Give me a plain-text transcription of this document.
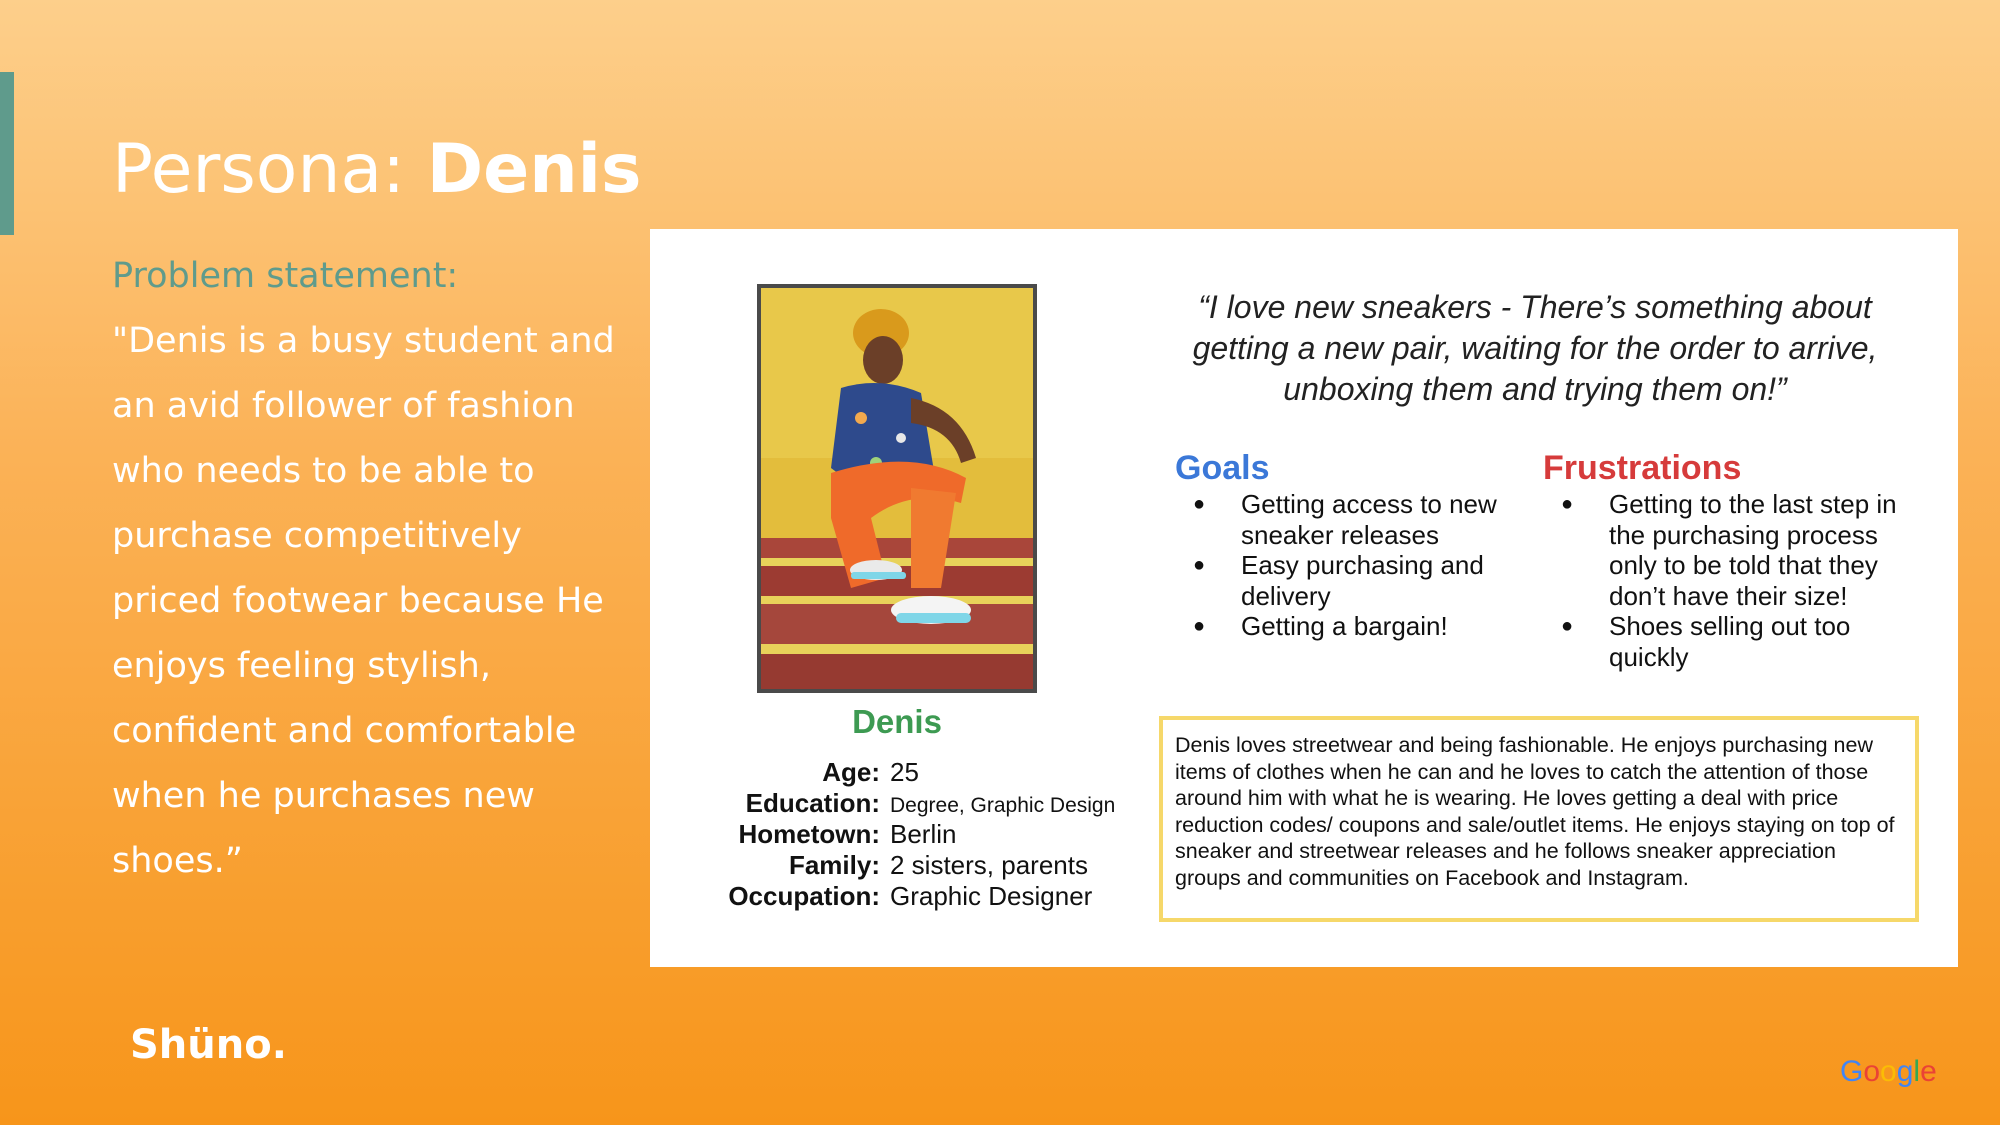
Persona: Denis
Problem statement:
"Denis is a busy student and an avid follower of fashion who needs to be able to purchase competitively priced footwear because He enjoys feeling stylish, confident and comfortable when he purchases new shoes.”
Denis
Age: 25
Education: Degree, Graphic Design
Hometown: Berlin
Family: 2 sisters, parents
Occupation: Graphic Designer
“I love new sneakers - There’s something about getting a new pair, waiting for the order to arrive, unboxing them and trying them on!”
Goals
● Getting access to new sneaker releases
● Easy purchasing and delivery
● Getting a bargain!
Frustrations
● Getting to the last step in the purchasing process only to be told that they don’t have their size!
● Shoes selling out too quickly
Denis loves streetwear and being fashionable. He enjoys purchasing new items of clothes when he can and he loves to catch the attention of those around him with what he is wearing. He loves getting a deal with price reduction codes/ coupons and sale/outlet items. He enjoys staying on top of sneaker and streetwear releases and he follows sneaker appreciation groups and communities on Facebook and Instagram.
Shüno.
Google
